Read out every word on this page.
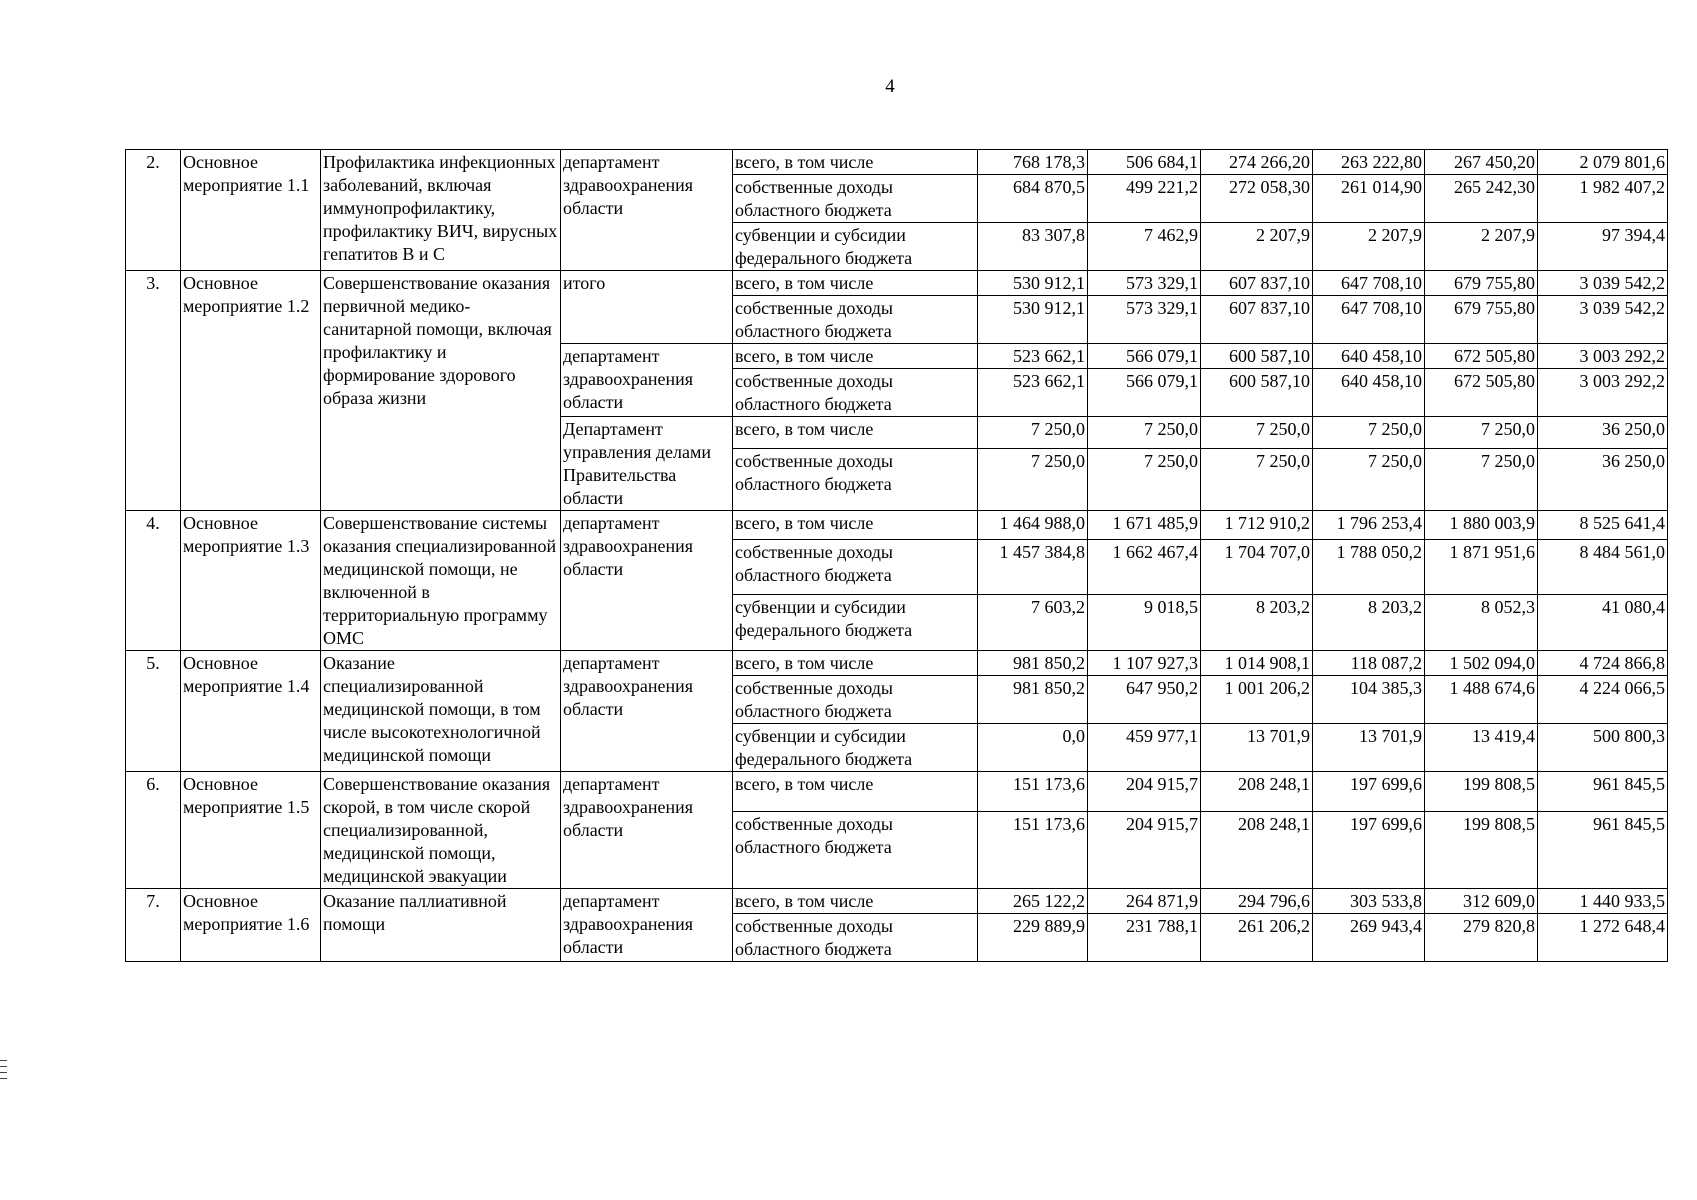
4
2.	Основное мероприятие 1.1	Профилактика инфекционных заболеваний, включая иммунопрофилактику, профилактику ВИЧ, вирусных гепатитов В и С	департамент здравоохранения области	всего, в том числе	768 178,3	506 684,1	274 266,20	263 222,80	267 450,20	2 079 801,6
				собственные доходы областного бюджета	684 870,5	499 221,2	272 058,30	261 014,90	265 242,30	1 982 407,2
				субвенции и субсидии федерального бюджета	83 307,8	7 462,9	2 207,9	2 207,9	2 207,9	97 394,4
3.	Основное мероприятие 1.2	Совершенствование оказания первичной медико-санитарной помощи, включая профилактику и формирование здорового образа жизни	итого	всего, в том числе	530 912,1	573 329,1	607 837,10	647 708,10	679 755,80	3 039 542,2
				собственные доходы областного бюджета	530 912,1	573 329,1	607 837,10	647 708,10	679 755,80	3 039 542,2
			департамент здравоохранения области	всего, в том числе	523 662,1	566 079,1	600 587,10	640 458,10	672 505,80	3 003 292,2
				собственные доходы областного бюджета	523 662,1	566 079,1	600 587,10	640 458,10	672 505,80	3 003 292,2
			Департамент управления делами Правительства области	всего, в том числе	7 250,0	7 250,0	7 250,0	7 250,0	7 250,0	36 250,0
				собственные доходы областного бюджета	7 250,0	7 250,0	7 250,0	7 250,0	7 250,0	36 250,0
4.	Основное мероприятие 1.3	Совершенствование системы оказания специализированной медицинской помощи, не включенной в территориальную программу ОМС	департамент здравоохранения области	всего, в том числе	1 464 988,0	1 671 485,9	1 712 910,2	1 796 253,4	1 880 003,9	8 525 641,4
				собственные доходы областного бюджета	1 457 384,8	1 662 467,4	1 704 707,0	1 788 050,2	1 871 951,6	8 484 561,0
				субвенции и субсидии федерального бюджета	7 603,2	9 018,5	8 203,2	8 203,2	8 052,3	41 080,4
5.	Основное мероприятие 1.4	Оказание специализированной медицинской помощи, в том числе высокотехнологичной медицинской помощи	департамент здравоохранения области	всего, в том числе	981 850,2	1 107 927,3	1 014 908,1	118 087,2	1 502 094,0	4 724 866,8
				собственные доходы областного бюджета	981 850,2	647 950,2	1 001 206,2	104 385,3	1 488 674,6	4 224 066,5
				субвенции и субсидии федерального бюджета	0,0	459 977,1	13 701,9	13 701,9	13 419,4	500 800,3
6.	Основное мероприятие 1.5	Совершенствование оказания скорой, в том числе скорой специализированной, медицинской помощи, медицинской эвакуации	департамент здравоохранения области	всего, в том числе	151 173,6	204 915,7	208 248,1	197 699,6	199 808,5	961 845,5
				собственные доходы областного бюджета	151 173,6	204 915,7	208 248,1	197 699,6	199 808,5	961 845,5
7.	Основное мероприятие 1.6	Оказание паллиативной помощи	департамент здравоохранения области	всего, в том числе	265 122,2	264 871,9	294 796,6	303 533,8	312 609,0	1 440 933,5
				собственные доходы областного бюджета	229 889,9	231 788,1	261 206,2	269 943,4	279 820,8	1 272 648,4
